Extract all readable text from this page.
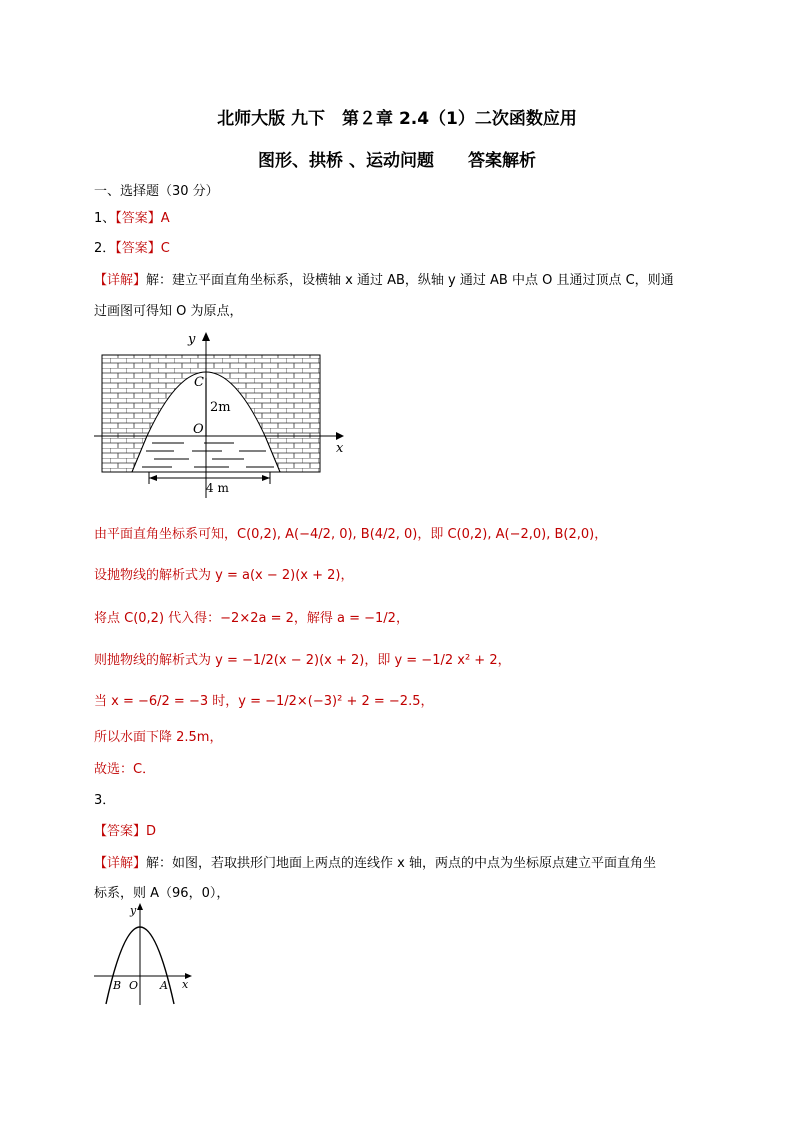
北师大版 九下　第２章 2.4（1）二次函数应用
图形、拱桥 、运动问题　　答案解析
一、选择题（30 分）
1、【答案】A
2．【答案】C
【详解】解：建立平面直角坐标系，设横轴 x 通过 AB，纵轴 y 通过 AB 中点 O 且通过顶点 C，则通
过画图可得知 O 为原点，
y
x
C
O
2m
4 m
由平面直角坐标系可知，C(0,2), A(−4/2, 0), B(4/2, 0)，即 C(0,2), A(−2,0), B(2,0)，
设抛物线的解析式为 y = a(x − 2)(x + 2)，
将点 C(0,2) 代入得：−2×2a = 2，解得 a = −1/2，
则抛物线的解析式为 y = −1/2(x − 2)(x + 2)，即 y = −1/2 x² + 2，
当 x = −6/2 = −3 时，y = −1/2×(−3)² + 2 = −2.5，
所以水面下降 2.5m，
故选：C．
3．
【答案】D
【详解】解：如图，若取拱形门地面上两点的连线作 x 轴，两点的中点为坐标原点建立平面直角坐
标系，则 A（96，0），
y
x
B O A
